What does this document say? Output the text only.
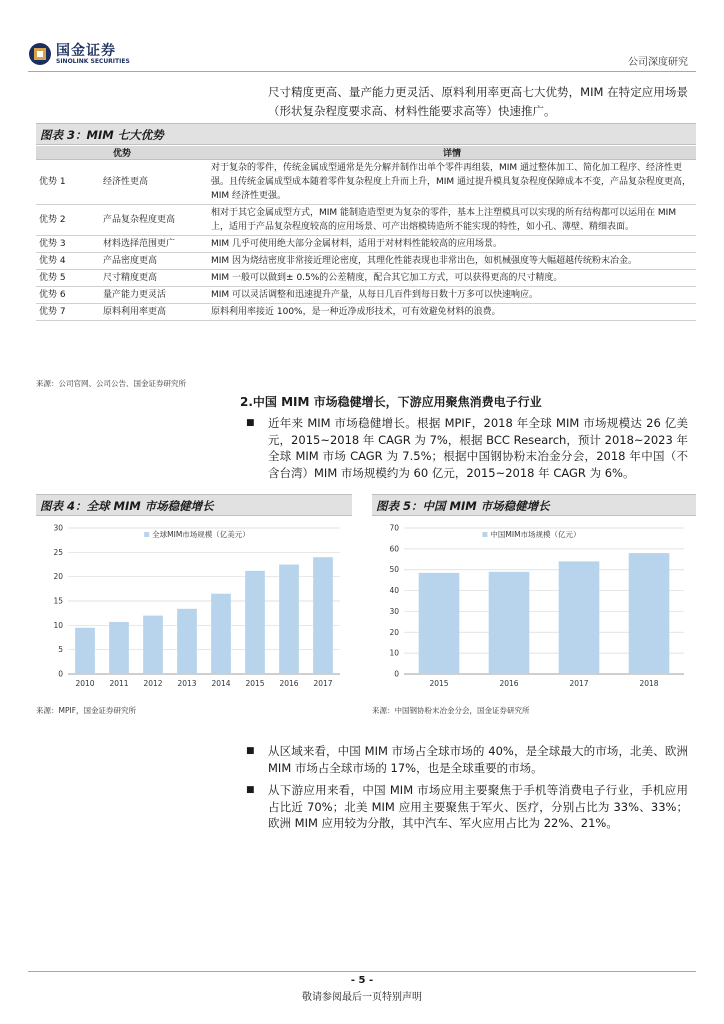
国金证券
SINOLINK SECURITIES	公司深度研究
尺寸精度更高、量产能力更灵活、原料利用率更高七大优势，MIM 在特定应用场景（形状复杂程度要求高、材料性能要求高等）快速推广。
图表 3：MIM 七大优势
优势		详情
优势 1	经济性更高	对于复杂的零件，传统金属成型通常是先分解并制作出单个零件再组装，MIM 通过整体加工、简化加工程序、经济性更强。且传统金属成型成本随着零件复杂程度上升而上升，MIM 通过提升模具复杂程度保障成本不变，产品复杂程度更高，MIM 经济性更强。
优势 2	产品复杂程度更高	相对于其它金属成型方式，MIM 能制造造型更为复杂的零件，基本上注塑模具可以实现的所有结构都可以运用在 MIM 上，适用于产品复杂程度较高的应用场景、可产出熔模铸造所不能实现的特性，如小孔、薄壁、精细表面。
优势 3	材料选择范围更广	MIM 几乎可使用绝大部分金属材料，适用于对材料性能较高的应用场景。
优势 4	产品密度更高	MIM 因为烧结密度非常接近理论密度，其理化性能表现也非常出色，如机械强度等大幅超越传统粉末冶金。
优势 5	尺寸精度更高	MIM 一般可以做到± 0.5%的公差精度，配合其它加工方式，可以获得更高的尺寸精度。
优势 6	量产能力更灵活	MIM 可以灵活调整和迅速提升产量，从每日几百件到每日数十万多可以快速响应。
优势 7	原料利用率更高	原料利用率接近 100%，是一种近净成形技术，可有效避免材料的浪费。
来源：公司官网、公司公告、国金证券研究所
2.中国 MIM 市场稳健增长，下游应用聚焦消费电子行业
■ 近年来 MIM 市场稳健增长。根据 MPIF，2018 年全球 MIM 市场规模达 26 亿美元，2015~2018 年 CAGR 为 7%，根据 BCC Research，预计 2018~2023 年全球 MIM 市场 CAGR 为 7.5%；根据中国钢协粉末冶金分会，2018 年中国（不含台湾）MIM 市场规模约为 60 亿元，2015~2018 年 CAGR 为 6%。
图表 4：全球 MIM 市场稳健增长
0
5
10
15
20
25
30
全球MIM市场规模（亿美元）
2010 2011 2012 2013 2014 2015 2016 2017
来源：MPIF，国金证券研究所
图表 5：中国 MIM 市场稳健增长
0
10
20
30
40
50
60
70
中国MIM市场规模（亿元）
2015	2016	2017	2018
来源：中国钢协粉末冶金分会，国金证券研究所
■ 从区域来看，中国 MIM 市场占全球市场的 40%，是全球最大的市场，北美、欧洲 MIM 市场占全球市场的 17%，也是全球重要的市场。
■ 从下游应用来看，中国 MIM 市场应用主要聚焦于手机等消费电子行业，手机应用占比近 70%；北美 MIM 应用主要聚焦于军火、医疗，分别占比为 33%、33%；欧洲 MIM 应用较为分散，其中汽车、军火应用占比为 22%、21%。
- 5 -
敬请参阅最后一页特别声明
